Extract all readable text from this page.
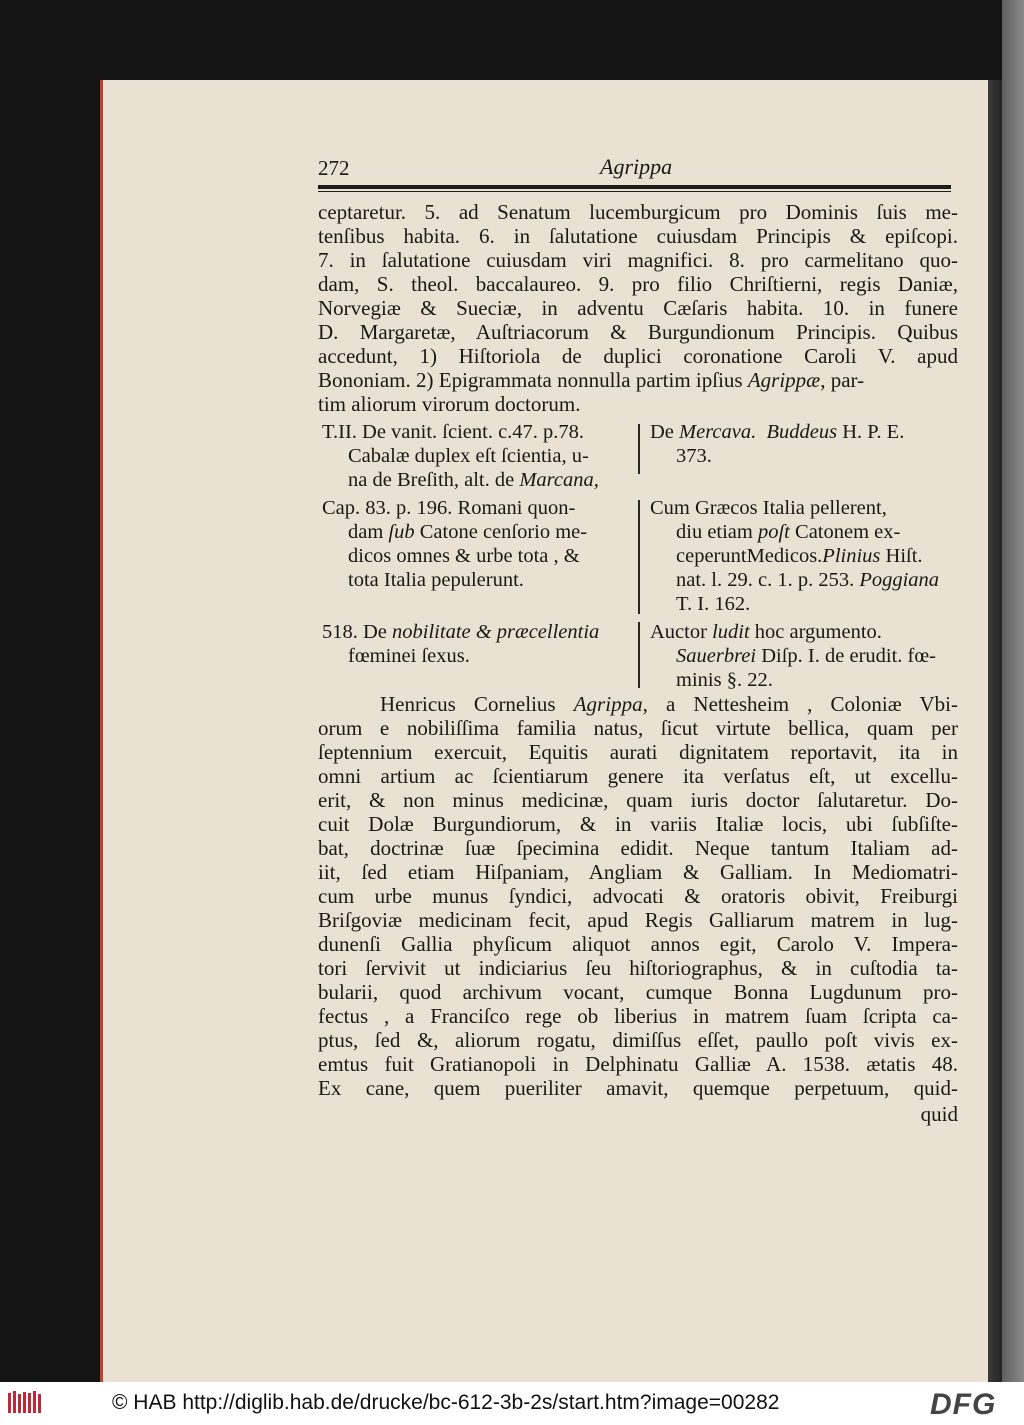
272	Agrippa
ceptaretur. 5. ad Senatum lucemburgicum pro Dominis ſuis me-
tenſibus habita. 6. in ſalutatione cuiusdam Principis & epiſcopi.
7. in ſalutatione cuiusdam viri magnifici. 8. pro carmelitano quo-
dam, S. theol. baccalaureo. 9. pro filio Chriſtierni, regis Daniæ,
Norvegiæ & Sueciæ, in adventu Cæſaris habita. 10. in funere
D. Margaretæ, Auſtriacorum & Burgundionum Principis. Quibus
accedunt, 1) Hiſtoriola de duplici coronatione Caroli V. apud
Bononiam. 2) Epigrammata nonnulla partim ipſius Agrippæ, par-
tim aliorum virorum doctorum.
T.II. De vanit. ſcient. c.47. p.78.
Cabalæ duplex eſt ſcientia, u-
na de Breſith, alt. de Marcana,
Cap. 83. p. 196. Romani quon-
dam ſub Catone cenſorio me-
dicos omnes & urbe tota , &
tota Italia pepulerunt.
518. De nobilitate & præcellentia
fœminei ſexus.
De Mercava. Buddeus H. P. E.
373.
Cum Græcos Italia pellerent,
diu etiam poſt Catonem ex-
ceperuntMedicos.Plinius Hiſt.
nat. l. 29. c. 1. p. 253. Poggiana
T. I. 162.
Auctor ludit hoc argumento.
Sauerbrei Diſp. I. de erudit. fœ-
minis §. 22.
Henricus Cornelius Agrippa, a Nettesheim , Coloniæ Vbi-
orum e nobiliſſima familia natus, ſicut virtute bellica, quam per
ſeptennium exercuit, Equitis aurati dignitatem reportavit, ita in
omni artium ac ſcientiarum genere ita verſatus eſt, ut excellu-
erit, & non minus medicinæ, quam iuris doctor ſalutaretur. Do-
cuit Dolæ Burgundiorum, & in variis Italiæ locis, ubi ſubſiſte-
bat, doctrinæ ſuæ ſpecimina edidit. Neque tantum Italiam ad-
iit, ſed etiam Hiſpaniam, Angliam & Galliam. In Mediomatri-
cum urbe munus ſyndici, advocati & oratoris obivit, Freiburgi
Briſgoviæ medicinam fecit, apud Regis Galliarum matrem in lug-
dunenſi Gallia phyſicum aliquot annos egit, Carolo V. Impera-
tori ſervivit ut indiciarius ſeu hiſtoriographus, & in cuſtodia ta-
bularii, quod archivum vocant, cumque Bonna Lugdunum pro-
fectus , a Franciſco rege ob liberius in matrem ſuam ſcripta ca-
ptus, ſed &, aliorum rogatu, dimiſſus eſſet, paullo poſt vivis ex-
emtus fuit Gratianopoli in Delphinatu Galliæ A. 1538. ætatis 48.
Ex cane, quem pueriliter amavit, quemque perpetuum, quid-
quid
© HAB http://diglib.hab.de/drucke/bc-612-3b-2s/start.htm?image=00282	DFG
